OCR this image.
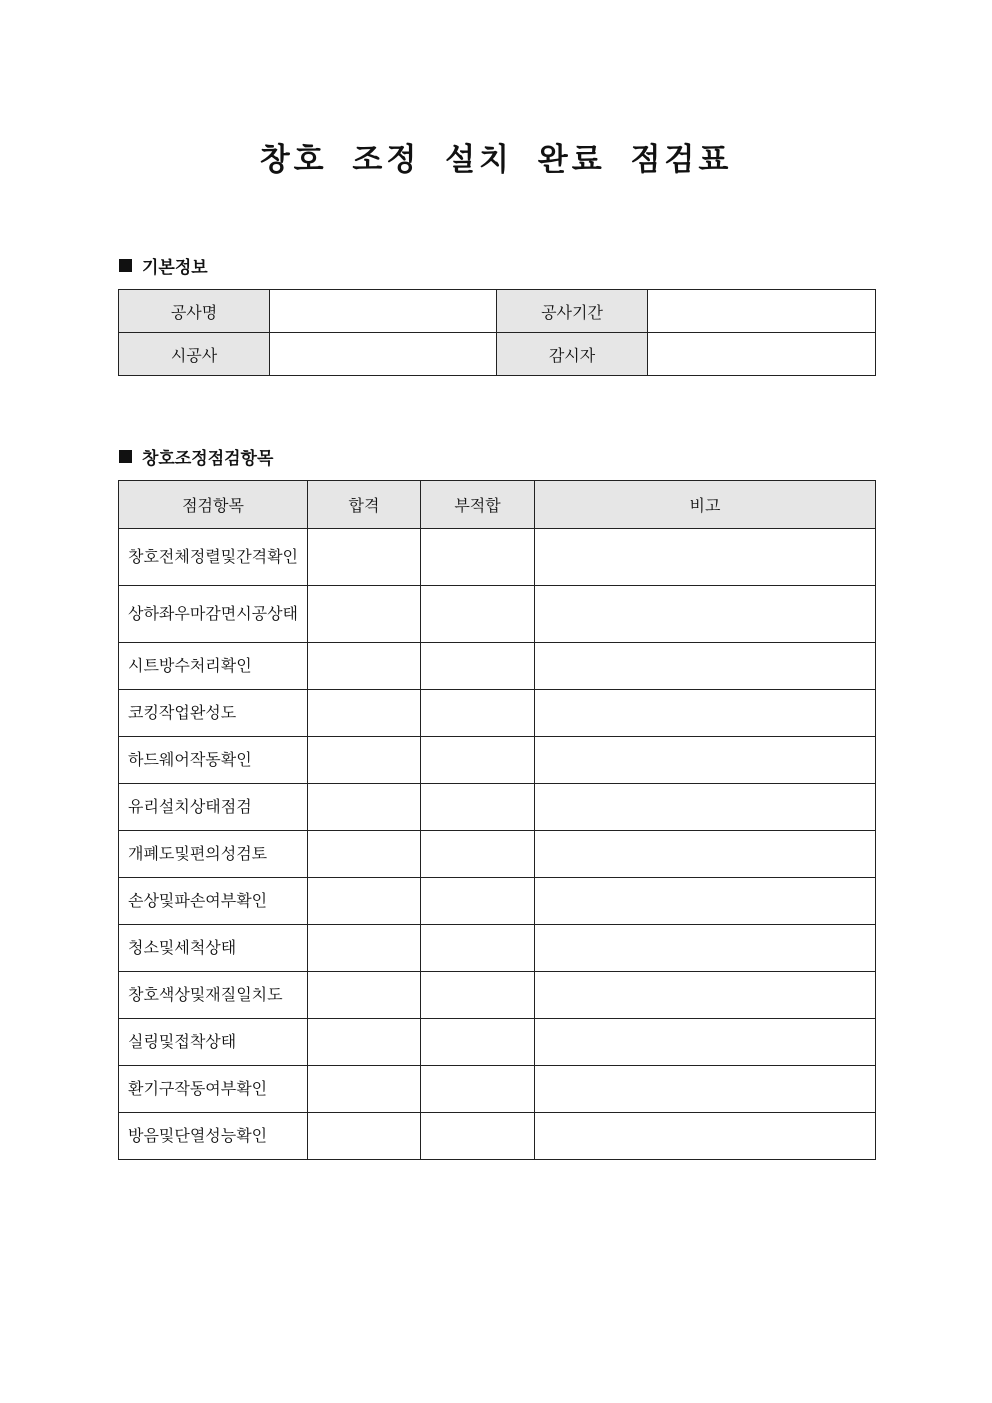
창호 조정 설치 완료 점검표
기본정보
공사명		공사기간	
시공사		감시자	
창호조정점검항목
점검항목	합격	부적합	비고
창호전체정렬및간격확인			
상하좌우마감면시공상태			
시트방수처리확인			
코킹작업완성도			
하드웨어작동확인			
유리설치상태점검			
개폐도및편의성검토			
손상및파손여부확인			
청소및세척상태			
창호색상및재질일치도			
실링및접착상태			
환기구작동여부확인			
방음및단열성능확인			
